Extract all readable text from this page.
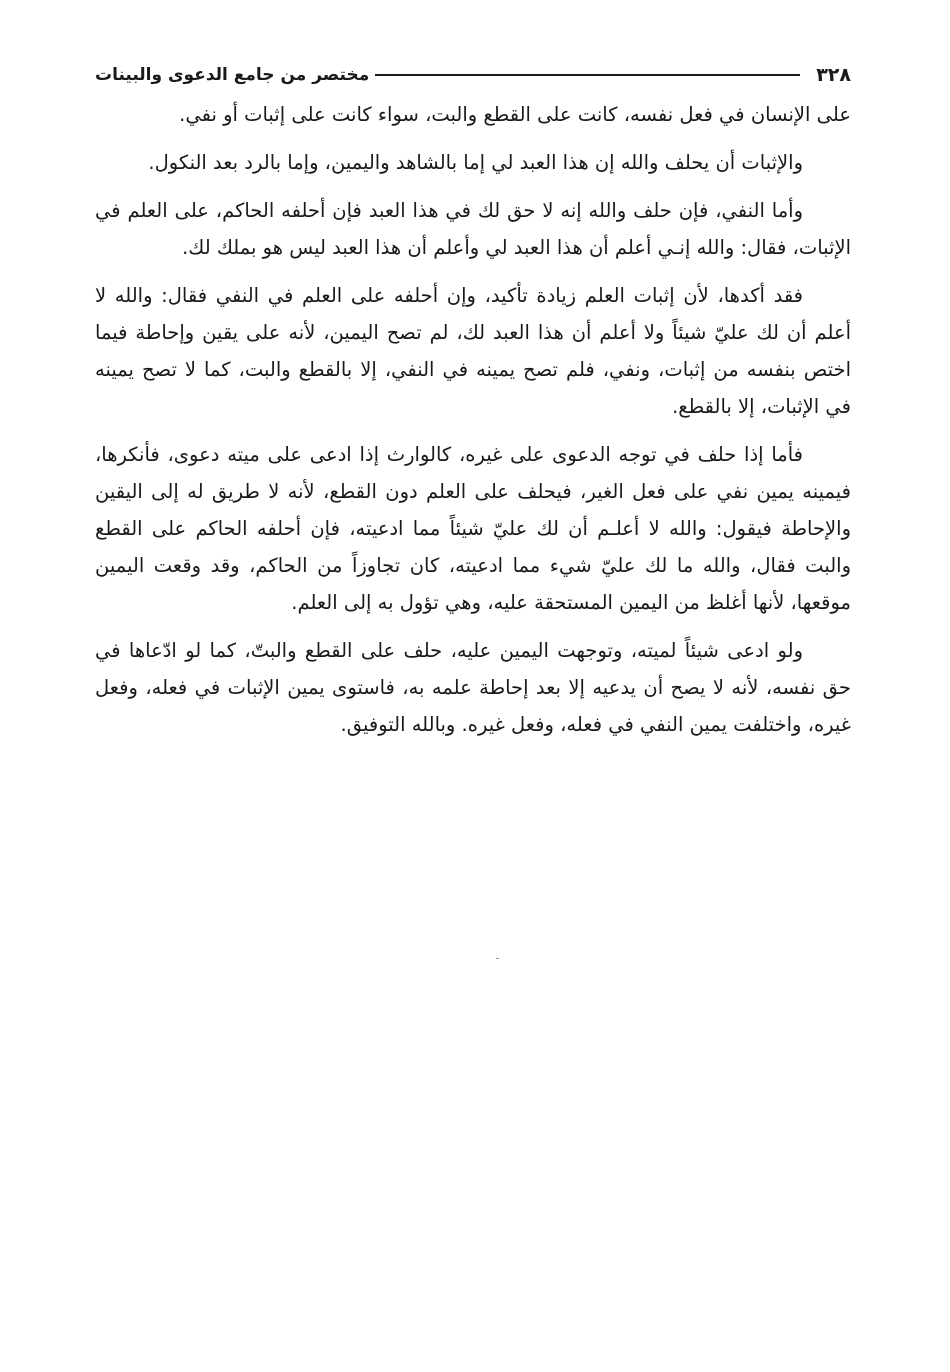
٣٢٨
مختصر من جامع الدعوى والبينات

على الإنسان في فعل نفسه، كانت على القطع والبت، سواء كانت على إثبات أو نفي.

والإثبات أن يحلف والله إن هذا العبد لي إما بالشاهد واليمين، وإما بالرد بعد النكول.

وأما النفي، فإن حلف والله إنه لا حق لك في هذا العبد فإن أحلفه الحاكم، على العلم في الإثبات، فقال: والله إنـي أعلم أن هذا العبد لي وأعلم أن هذا العبد ليس هو بملك لك.

فقد أكدها، لأن إثبات العلم زيادة تأكيد، وإن أحلفه على العلم في النفي فقال: والله لا أعلم أن لك عليّ شيئاً ولا أعلم أن هذا العبد لك، لم تصح اليمين، لأنه على يقين وإحاطة فيما اختص بنفسه من إثبات، ونفي، فلم تصح يمينه في النفي، إلا بالقطع والبت، كما لا تصح يمينه في الإثبات، إلا بالقطع.

فأما إذا حلف في توجه الدعوى على غيره، كالوارث إذا ادعى على ميته دعوى، فأنكرها، فيمينه يمين نفي على فعل الغير، فيحلف على العلم دون القطع، لأنه لا طريق له إلى اليقين والإحاطة فيقول: والله لا أعلـم أن لك عليّ شيئاً مما ادعيته، فإن أحلفه الحاكم على القطع والبت فقال، والله ما لك عليّ شيء مما ادعيته، كان تجاوزاً من الحاكم، وقد وقعت اليمين موقعها، لأنها أغلظ من اليمين المستحقة عليه، وهي تؤول به إلى العلم.

ولو ادعى شيئاً لميته، وتوجهت اليمين عليه، حلف على القطع والبتّ، كما لو ادّعاها في حق نفسه، لأنه لا يصح أن يدعيه إلا بعد إحاطة علمه به، فاستوى يمين الإثبات في فعله، وفعل غيره، واختلفت يمين النفي في فعله، وفعل غيره. وبالله التوفيق.
